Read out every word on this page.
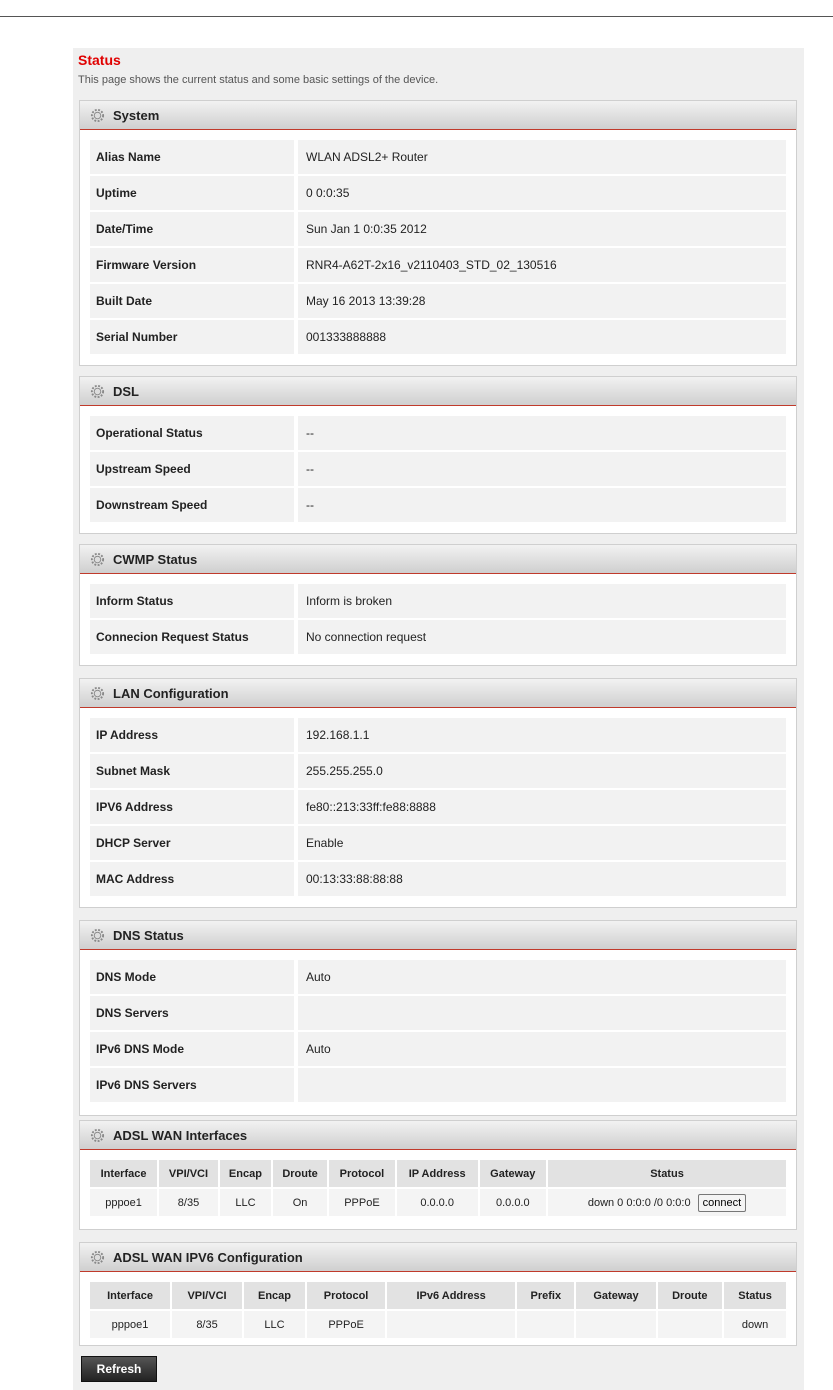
Status
This page shows the current status and some basic settings of the device.
System
Alias Name	WLAN ADSL2+ Router
Uptime	0 0:0:35
Date/Time	Sun Jan 1 0:0:35 2012
Firmware Version	RNR4-A62T-2x16_v2110403_STD_02_130516
Built Date	May 16 2013 13:39:28
Serial Number	001333888888
DSL
Operational Status	--
Upstream Speed	--
Downstream Speed	--
CWMP Status
Inform Status	Inform is broken
Connecion Request Status	No connection request
LAN Configuration
IP Address	192.168.1.1
Subnet Mask	255.255.255.0
IPV6 Address	fe80::213:33ff:fe88:8888
DHCP Server	Enable
MAC Address	00:13:33:88:88:88
DNS Status
DNS Mode	Auto
DNS Servers
IPv6 DNS Mode	Auto
IPv6 DNS Servers
ADSL WAN Interfaces
Interface	VPI/VCI	Encap	Droute	Protocol	IP Address	Gateway	Status
pppoe1	8/35	LLC	On	PPPoE	0.0.0.0	0.0.0.0	down 0 0:0:0 /0 0:0:0 connect
ADSL WAN IPV6 Configuration
Interface	VPI/VCI	Encap	Protocol	IPv6 Address	Prefix	Gateway	Droute	Status
pppoe1	8/35	LLC	PPPoE					down
Refresh
